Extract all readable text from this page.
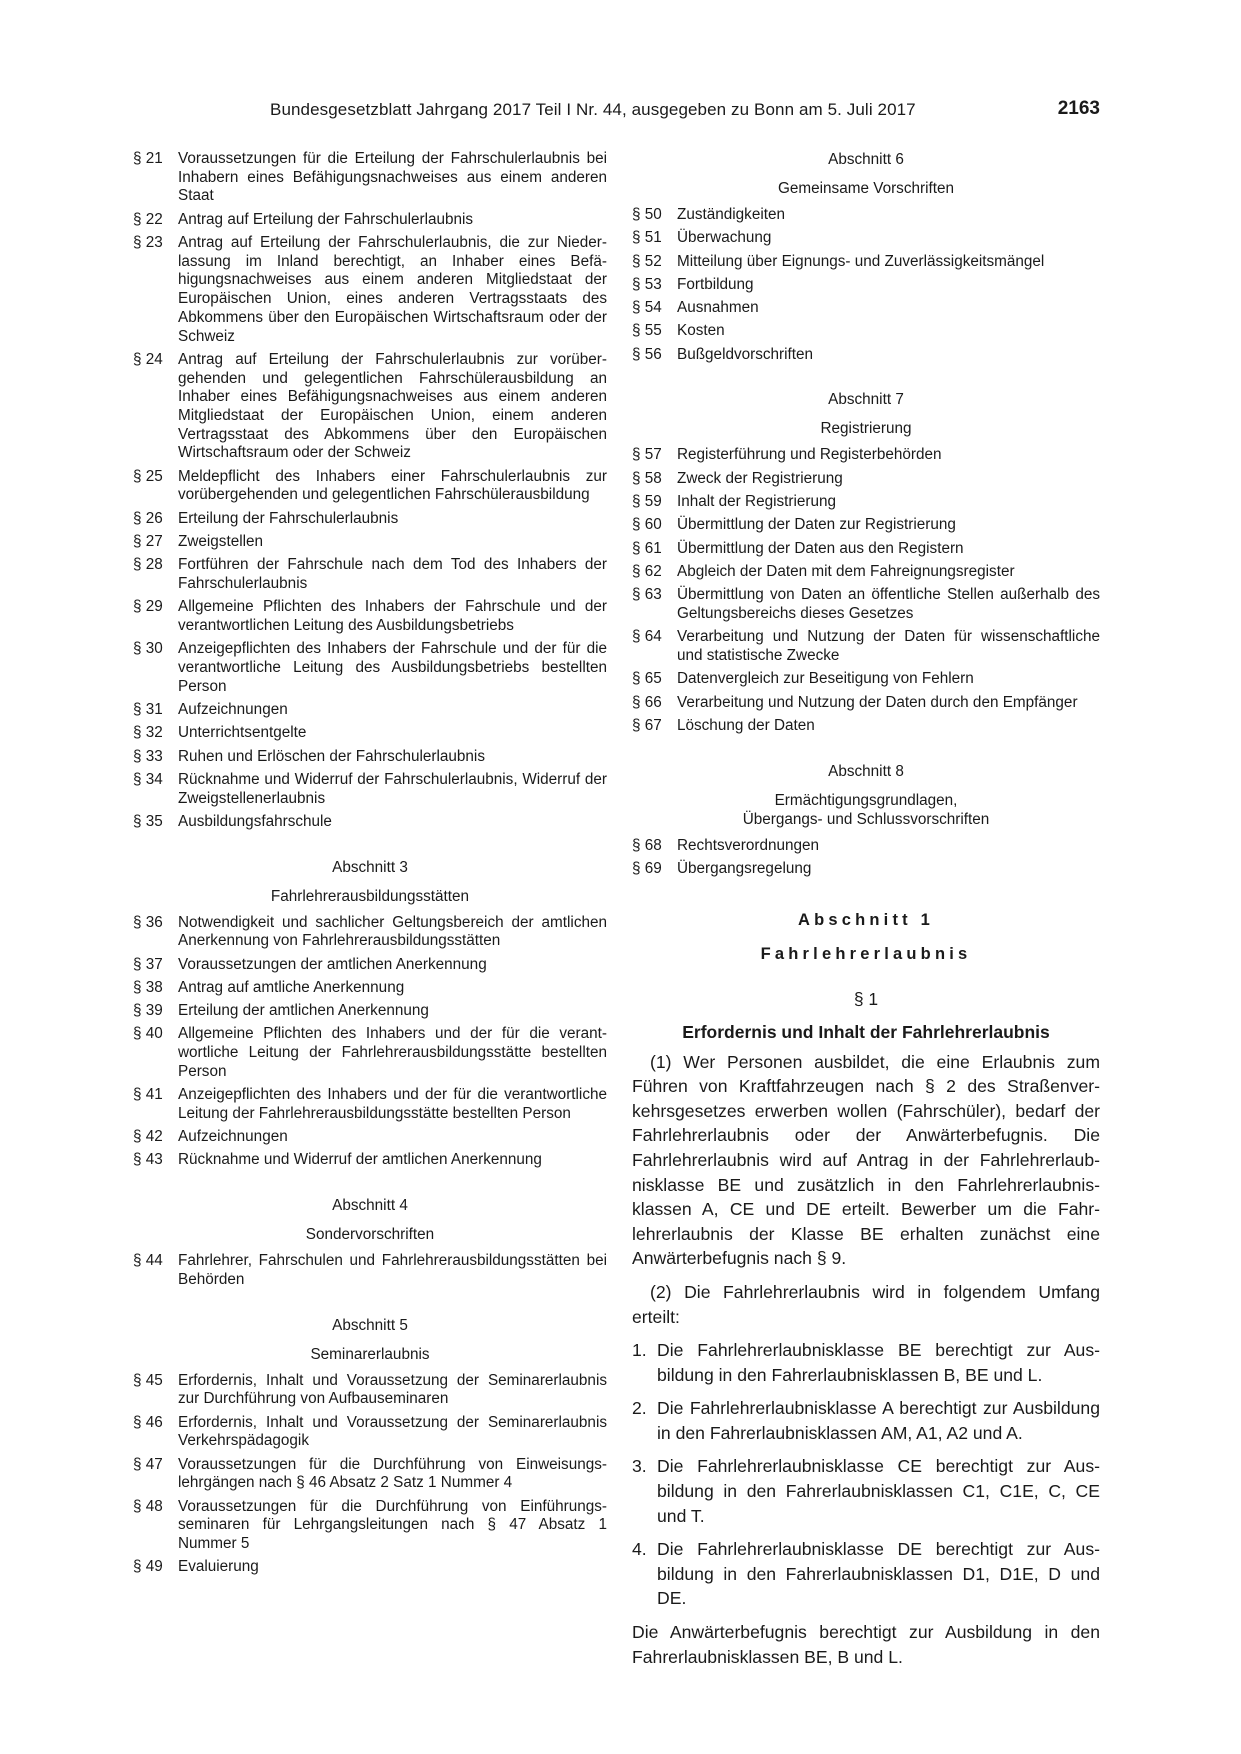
Bundesgesetzblatt Jahrgang 2017 Teil I Nr. 44, ausgegeben zu Bonn am 5. Juli 2017	2163
§ 21 Voraussetzungen für die Erteilung der Fahrschulerlaubnis bei Inhabern eines Befähigungsnachweises aus einem anderen Staat
§ 22 Antrag auf Erteilung der Fahrschulerlaubnis
§ 23 Antrag auf Erteilung der Fahrschulerlaubnis, die zur Niederlassung im Inland berechtigt, an Inhaber eines Befähigungsnachweises aus einem anderen Mitgliedstaat der Europäischen Union, eines anderen Vertragsstaats des Abkommens über den Europäischen Wirtschaftsraum oder der Schweiz
§ 24 Antrag auf Erteilung der Fahrschulerlaubnis zur vorübergehenden und gelegentlichen Fahrschülerausbildung an Inhaber eines Befähigungsnachweises aus einem anderen Mitgliedstaat der Europäischen Union, einem anderen Vertragsstaat des Abkommens über den Europäischen Wirtschaftsraum oder der Schweiz
§ 25 Meldepflicht des Inhabers einer Fahrschulerlaubnis zur vorübergehenden und gelegentlichen Fahrschülerausbildung
§ 26 Erteilung der Fahrschulerlaubnis
§ 27 Zweigstellen
§ 28 Fortführen der Fahrschule nach dem Tod des Inhabers der Fahrschulerlaubnis
§ 29 Allgemeine Pflichten des Inhabers der Fahrschule und der verantwortlichen Leitung des Ausbildungsbetriebs
§ 30 Anzeigepflichten des Inhabers der Fahrschule und der für die verantwortliche Leitung des Ausbildungsbetriebs bestellten Person
§ 31 Aufzeichnungen
§ 32 Unterrichtsentgelte
§ 33 Ruhen und Erlöschen der Fahrschulerlaubnis
§ 34 Rücknahme und Widerruf der Fahrschulerlaubnis, Widerruf der Zweigstellenerlaubnis
§ 35 Ausbildungsfahrschule
Abschnitt 3
Fahrlehrerausbildungsstätten
§ 36 Notwendigkeit und sachlicher Geltungsbereich der amtlichen Anerkennung von Fahrlehrerausbildungsstätten
§ 37 Voraussetzungen der amtlichen Anerkennung
§ 38 Antrag auf amtliche Anerkennung
§ 39 Erteilung der amtlichen Anerkennung
§ 40 Allgemeine Pflichten des Inhabers und der für die verantwortliche Leitung der Fahrlehrerausbildungsstätte bestellten Person
§ 41 Anzeigepflichten des Inhabers und der für die verantwortliche Leitung der Fahrlehrerausbildungsstätte bestellten Person
§ 42 Aufzeichnungen
§ 43 Rücknahme und Widerruf der amtlichen Anerkennung
Abschnitt 4
Sondervorschriften
§ 44 Fahrlehrer, Fahrschulen und Fahrlehrerausbildungsstätten bei Behörden
Abschnitt 5
Seminarerlaubnis
§ 45 Erfordernis, Inhalt und Voraussetzung der Seminarerlaubnis zur Durchführung von Aufbauseminaren
§ 46 Erfordernis, Inhalt und Voraussetzung der Seminarerlaubnis Verkehrspädagogik
§ 47 Voraussetzungen für die Durchführung von Einweisungslehrgängen nach § 46 Absatz 2 Satz 1 Nummer 4
§ 48 Voraussetzungen für die Durchführung von Einführungsseminaren für Lehrgangsleitungen nach § 47 Absatz 1 Nummer 5
§ 49 Evaluierung
Abschnitt 6
Gemeinsame Vorschriften
§ 50 Zuständigkeiten
§ 51 Überwachung
§ 52 Mitteilung über Eignungs- und Zuverlässigkeitsmängel
§ 53 Fortbildung
§ 54 Ausnahmen
§ 55 Kosten
§ 56 Bußgeldvorschriften
Abschnitt 7
Registrierung
§ 57 Registerführung und Registerbehörden
§ 58 Zweck der Registrierung
§ 59 Inhalt der Registrierung
§ 60 Übermittlung der Daten zur Registrierung
§ 61 Übermittlung der Daten aus den Registern
§ 62 Abgleich der Daten mit dem Fahreignungsregister
§ 63 Übermittlung von Daten an öffentliche Stellen außerhalb des Geltungsbereichs dieses Gesetzes
§ 64 Verarbeitung und Nutzung der Daten für wissenschaftliche und statistische Zwecke
§ 65 Datenvergleich zur Beseitigung von Fehlern
§ 66 Verarbeitung und Nutzung der Daten durch den Empfänger
§ 67 Löschung der Daten
Abschnitt 8
Ermächtigungsgrundlagen,
Übergangs- und Schlussvorschriften
§ 68 Rechtsverordnungen
§ 69 Übergangsregelung
Abschnitt 1
Fahrlehrerlaubnis
§ 1
Erfordernis und Inhalt der Fahrlehrerlaubnis
(1) Wer Personen ausbildet, die eine Erlaubnis zum Führen von Kraftfahrzeugen nach § 2 des Straßenverkehrsgesetzes erwerben wollen (Fahrschüler), bedarf der Fahrlehrerlaubnis oder der Anwärterbefugnis. Die Fahrlehrerlaubnis wird auf Antrag in der Fahrlehrerlaubnisklasse BE und zusätzlich in den Fahrlehrerlaubnisklassen A, CE und DE erteilt. Bewerber um die Fahrlehrerlaubnis der Klasse BE erhalten zunächst eine Anwärterbefugnis nach § 9.
(2) Die Fahrlehrerlaubnis wird in folgendem Umfang erteilt:
1. Die Fahrlehrerlaubnisklasse BE berechtigt zur Ausbildung in den Fahrerlaubnisklassen B, BE und L.
2. Die Fahrlehrerlaubnisklasse A berechtigt zur Ausbildung in den Fahrerlaubnisklassen AM, A1, A2 und A.
3. Die Fahrlehrerlaubnisklasse CE berechtigt zur Ausbildung in den Fahrerlaubnisklassen C1, C1E, C, CE und T.
4. Die Fahrlehrerlaubnisklasse DE berechtigt zur Ausbildung in den Fahrerlaubnisklassen D1, D1E, D und DE.
Die Anwärterbefugnis berechtigt zur Ausbildung in den Fahrerlaubnisklassen BE, B und L.
